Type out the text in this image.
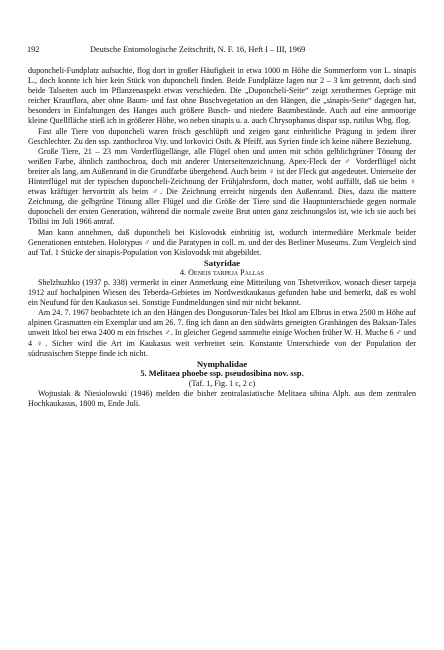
192	Deutsche Entomologische Zeitschrift, N. F. 16, Heft I – III, 1969

duponcheli-Fundplatz aufsuchte, flog dort in großer Häufigkeit in etwa 1000 m Höhe die Sommerform von L. sinapis L., doch konnte ich hier kein Stück von duponcheli finden. Beide Fundplätze lagen nur 2 – 3 km getrennt, doch sind beide Talseiten auch im Pflanzenaspekt etwas verschieden. Die „Duponcheli-Seite“ zeigt xerothermes Gepräge mit reicher Krautflora, aber ohne Baum- und fast ohne Buschvegetation an den Hängen, die „sinapis-Seite“ dagegen hat, besonders in Einfaltungen des Hanges auch größere Busch- und niedere Baumbestände. Auch auf eine anmoorige kleine Quellfläche stieß ich in größerer Höhe, wo neben sinapis u. a. auch Chrysophanus dispar ssp. rutilus Wbg. flog.

Fast alle Tiere von duponcheli waren frisch geschlüpft und zeigen ganz einheitliche Prägung in jedem ihrer Geschlechter. Zu den ssp. zanthochroa Vty. und lorkovici Osth. & Pfeiff. aus Syrien finde ich keine nähere Beziehung.

Große Tiere, 21 – 23 mm Vorderflügellänge, alle Flügel oben und unten mit schön gelblichgrüner Tönung der weißen Farbe, ähnlich zanthochroa, doch mit anderer Unterseitenzeichnung. Apex-Fleck der ♂ Vorderflügel nicht breiter als lang, am Außenrand in die Grundfarbe übergehend. Auch beim ♀ ist der Fleck gut angedeutet. Unterseite der Hinterflügel mit der typischen duponcheli-Zeichnung der Frühjahrsform, doch matter, wohl auffällt, daß sie beim ♀ etwas kräftiger hervortritt als beim ♂. Die Zeichnung erreicht nirgends den Außenrand. Dies, dazu die mattere Zeichnung, die gelbgrüne Tönung aller Flügel und die Größe der Tiere sind die Hauptunterschiede gegen normale duponcheli der ersten Generation, während die normale zweite Brut unten ganz zeichnungslos ist, wie ich sie auch bei Tbilisi im Juli 1966 antraf.

Man kann annehmen, daß duponcheli bei Kislovodsk einbrütig ist, wodurch intermediäre Merkmale beider Generationen entstehen. Holotypus ♂ und die Paratypen in coll. m. und der des Berliner Museums. Zum Vergleich sind auf Taf. 1 Stücke der sinapis-Population von Kislovodsk mit abgebildet.

Satyridae

4. Oeneis tarpeja Pallas

Shelzhuzhko (1937 p. 338) vermerkt in einer Anmerkung eine Mitteilung von Tshetverikov, wonach dieser tarpeja 1912 auf hochalpinen Wiesen des Teberda-Gebietes im Nordwestkaukasus gefunden habe und bemerkt, daß es wohl ein Neufund für den Kaukasus sei. Sonstige Fundmeldungen sind mir nicht bekannt.

Am 24. 7. 1967 beobachtete ich an den Hängen des Dongusorun-Tales bei Itkol am Elbrus in etwa 2500 m Höhe auf alpinen Grasmatten ein Exemplar und am 26. 7. fing ich dann an den südwärts geneigten Grashängen des Baksan-Tales unweit Itkol bei etwa 2400 m ein frisches ♂. In gleicher Gegend sammelte einige Wochen früher W. H. Muche 6 ♂ und 4 ♀. Sicher wird die Art im Kaukasus weit verbreitet sein. Konstante Unterschiede von der Population der südrussischen Steppe finde ich nicht.

Nymphalidae

5. Melitaea phoebe ssp. pseudosibina nov. ssp.

(Taf. 1, Fig. 1 c, 2 c)

Wojtusiak & Niesiolowski (1946) melden die bisher zentralasiatische Melitaea sibina Alph. aus dem zentralen Hochkaukasus, 1800 m, Ende Juli.
